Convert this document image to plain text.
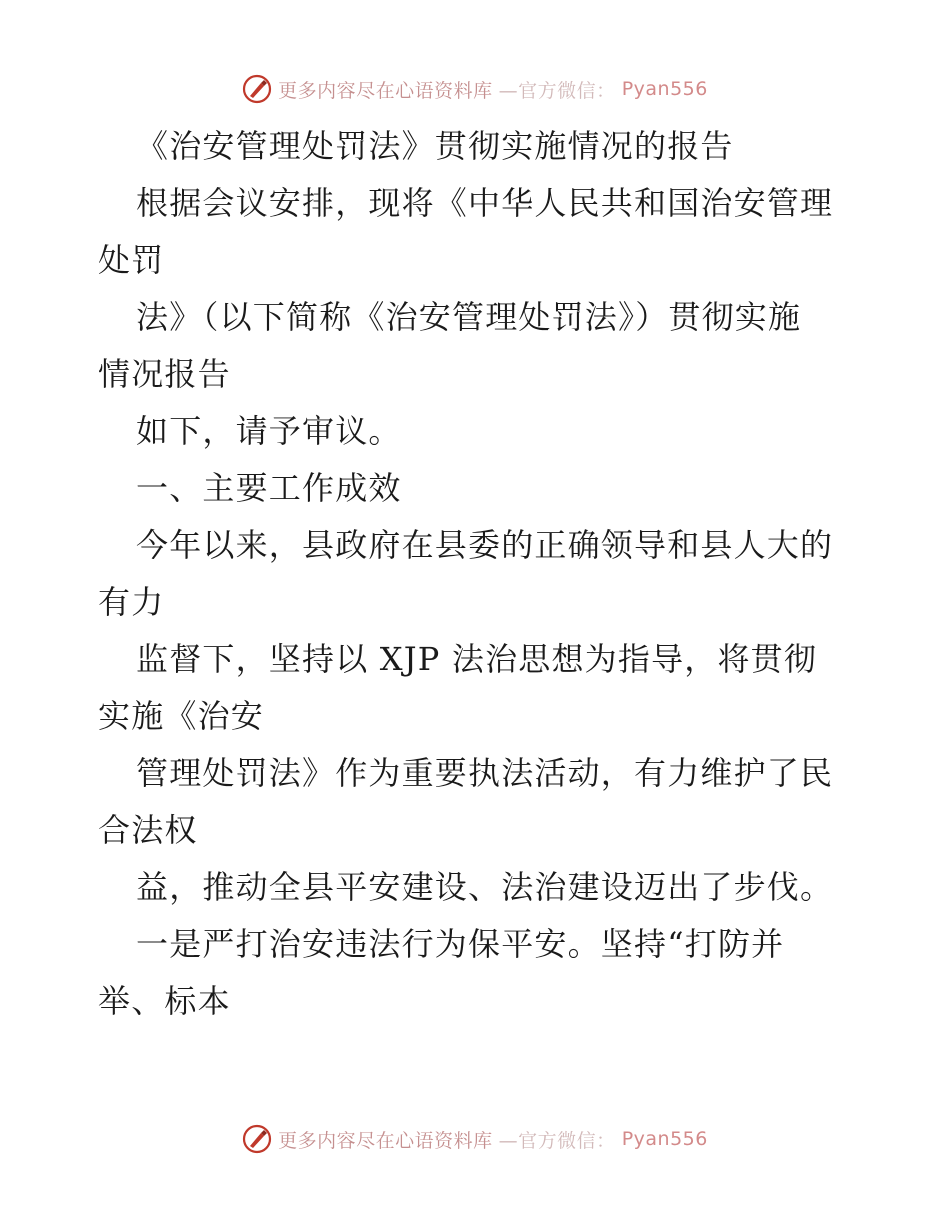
更多内容尽在心语资料库 —官方微信： Pyan556
《治安管理处罚法》贯彻实施情况的报告
根据会议安排，现将《中华人民共和国治安管理
处罚
法》（以下简称《治安管理处罚法》）贯彻实施
情况报告
如下，请予审议。
一、主要工作成效
今年以来，县政府在县委的正确领导和县人大的
有力
监督下，坚持以 XJP 法治思想为指导，将贯彻
实施《治安
管理处罚法》作为重要执法活动，有力维护了民
合法权
益，推动全县平安建设、法治建设迈出了步伐。
一是严打治安违法行为保平安。坚持“打防并
举、标本
更多内容尽在心语资料库 —官方微信： Pyan556
